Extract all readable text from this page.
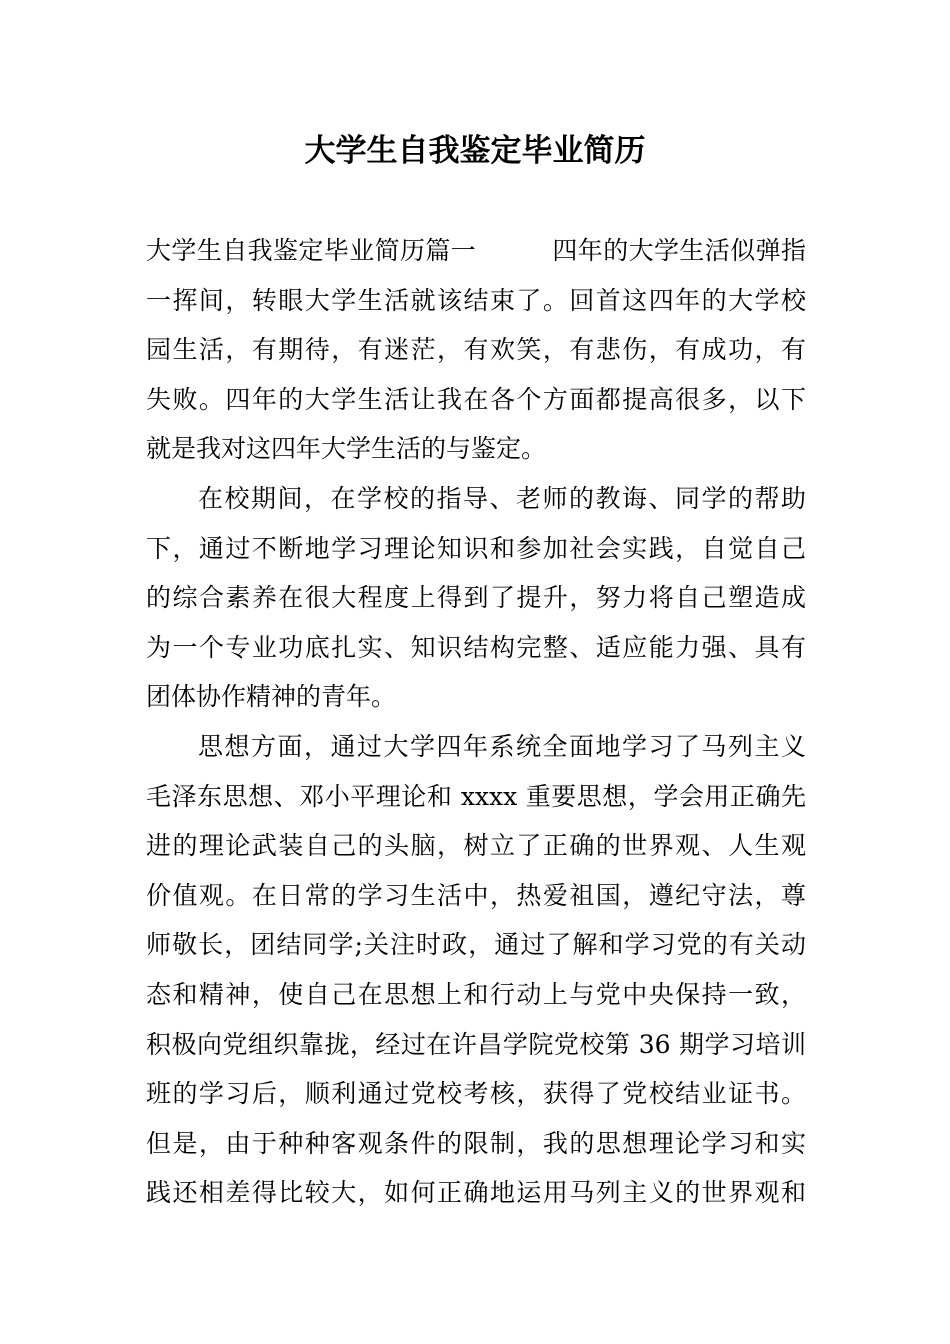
大学生自我鉴定毕业简历
大学生自我鉴定毕业简历篇一　　　四年的大学生活似弹指
一挥间，转眼大学生活就该结束了。回首这四年的大学校
园生活，有期待，有迷茫，有欢笑，有悲伤，有成功，有
失败。四年的大学生活让我在各个方面都提高很多，以下
就是我对这四年大学生活的与鉴定。
在校期间，在学校的指导、老师的教诲、同学的帮助
下，通过不断地学习理论知识和参加社会实践，自觉自己
的综合素养在很大程度上得到了提升，努力将自己塑造成
为一个专业功底扎实、知识结构完整、适应能力强、具有
团体协作精神的青年。
思想方面，通过大学四年系统全面地学习了马列主义
毛泽东思想、邓小平理论和 xxxx 重要思想，学会用正确先
进的理论武装自己的头脑，树立了正确的世界观、人生观
价值观。在日常的学习生活中，热爱祖国，遵纪守法，尊
师敬长，团结同学;关注时政，通过了解和学习党的有关动
态和精神，使自己在思想上和行动上与党中央保持一致，
积极向党组织靠拢，经过在许昌学院党校第 36 期学习培训
班的学习后，顺利通过党校考核，获得了党校结业证书。
但是，由于种种客观条件的限制，我的思想理论学习和实
践还相差得比较大，如何正确地运用马列主义的世界观和
